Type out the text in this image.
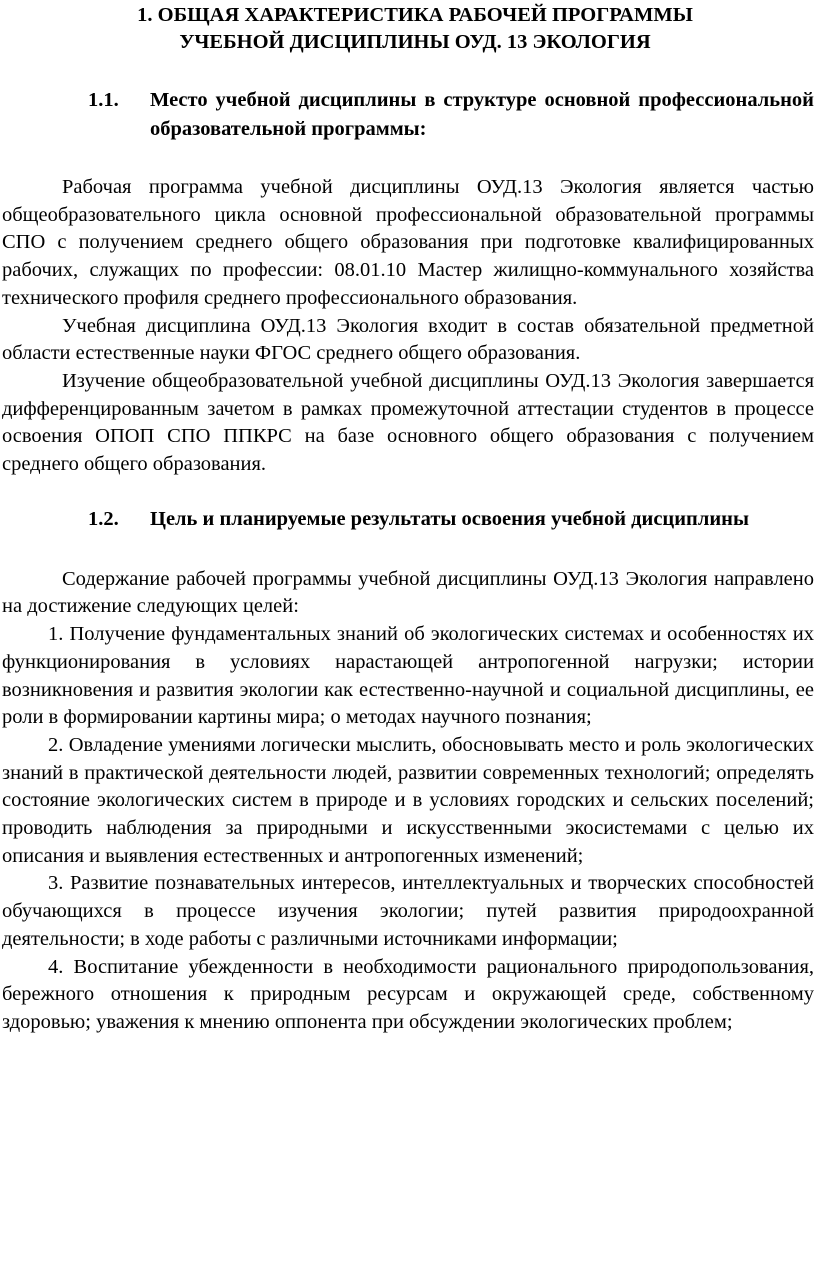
1. ОБЩАЯ ХАРАКТЕРИСТИКА РАБОЧЕЙ ПРОГРАММЫ
УЧЕБНОЙ ДИСЦИПЛИНЫ ОУД. 13 ЭКОЛОГИЯ
1.1. Место учебной дисциплины в структуре основной профессиональной образовательной программы:

Рабочая программа учебной дисциплины ОУД.13 Экология является частью общеобразовательного цикла основной профессиональной образовательной программы СПО с получением среднего общего образования при подготовке квалифицированных рабочих, служащих по профессии: 08.01.10 Мастер жилищно-коммунального хозяйства технического профиля среднего профессионального образования.

Учебная дисциплина ОУД.13 Экология входит в состав обязательной предметной области естественные науки ФГОС среднего общего образования.

Изучение общеобразовательной учебной дисциплины ОУД.13 Экология завершается дифференцированным зачетом в рамках промежуточной аттестации студентов в процессе освоения ОПОП СПО ППКРС на базе основного общего образования с получением среднего общего образования.

1.2. Цель и планируемые результаты освоения учебной дисциплины

Содержание рабочей программы учебной дисциплины ОУД.13 Экология направлено на достижение следующих целей:

1. Получение фундаментальных знаний об экологических системах и особенностях их функционирования в условиях нарастающей антропогенной нагрузки; истории возникновения и развития экологии как естественно-научной и социальной дисциплины, ее роли в формировании картины мира; о методах научного познания;

2. Овладение умениями логически мыслить, обосновывать место и роль экологических знаний в практической деятельности людей, развитии современных технологий; определять состояние экологических систем в природе и в условиях городских и сельских поселений; проводить наблюдения за природными и искусственными экосистемами с целью их описания и выявления естественных и антропогенных изменений;

3. Развитие познавательных интересов, интеллектуальных и творческих способностей обучающихся в процессе изучения экологии; путей развития природоохранной деятельности; в ходе работы с различными источниками информации;

4. Воспитание убежденности в необходимости рационального природопользования, бережного отношения к природным ресурсам и окружающей среде, собственному здоровью; уважения к мнению оппонента при обсуждении экологических проблем;
